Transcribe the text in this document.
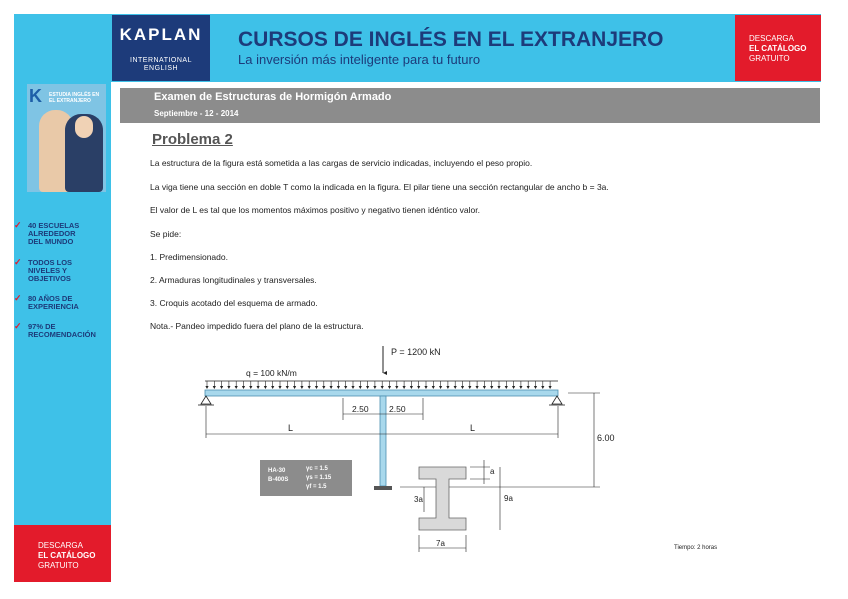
KAPLAN
INTERNATIONAL
ENGLISH
CURSOS DE INGLÉS EN EL EXTRANJERO
La inversión más inteligente para tu futuro
DESCARGA
EL CATÁLOGO
GRATUITO
K ESTUDIA INGLÉS EN EL EXTRANJERO
✓ 40 ESCUELAS
ALREDEDOR
DEL MUNDO
✓ TODOS LOS
NIVELES Y
OBJETIVOS
✓ 80 AÑOS DE
EXPERIENCIA
✓ 97% DE
RECOMENDACIÓN
DESCARGA
EL CATÁLOGO
GRATUITO
Examen de Estructuras de Hormigón Armado
Septiembre - 12 - 2014
Problema 2
La estructura de la figura está sometida a las cargas de servicio indicadas, incluyendo el peso propio.
La viga tiene una sección en doble T como la indicada en la figura. El pilar tiene una sección rectangular de ancho b = 3a.
El valor de L es tal que los momentos máximos positivo y negativo tienen idéntico valor.
Se pide:
1. Predimensionado.
2. Armaduras longitudinales y transversales.
3. Croquis acotado del esquema de armado.
Nota.- Pandeo impedido fuera del plano de la estructura.
P = 1200 kN
q = 100 kN/m
2.50 2.50
L	L
6.00
HA-30
B-400S
γc = 1.5
γs = 1.15
γf = 1.5
a
9a
3a
7a	Tiempo: 2 horas
